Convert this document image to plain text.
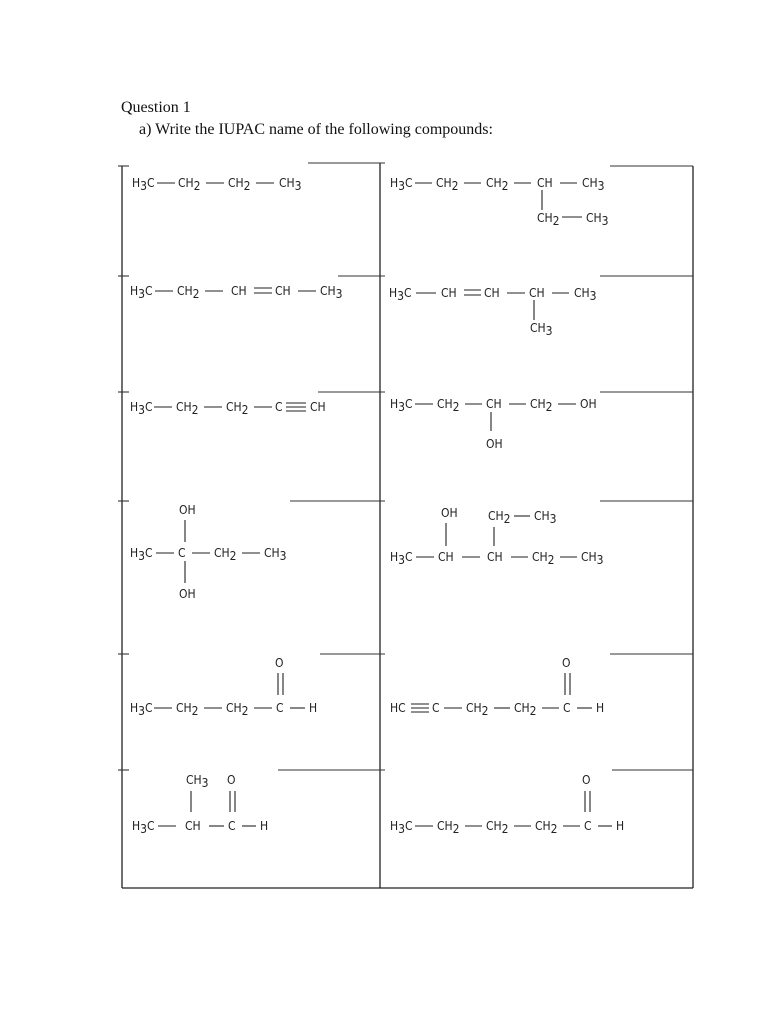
Question 1
a) Write the IUPAC name of the following compounds:
H3C CH2 CH2 CH3	H3C CH2 CH2 CH CH3
CH2 CH3
H3C CH2	CH CH CH3	H3C CH CH CH CH3
CH3
H3C CH2 CH2 C CH	H3C CH2 CH CH2 OH
OH
OH
H3C C CH2 CH3
OH
OH	CH2 CH3
H3C CH	CH CH2 CH3
O
H3C CH2 CH2 C H
O
HC C CH2 CH2 C H
CH3 O
H3C	CH C H
O
H3C CH2 CH2 CH2 C H
